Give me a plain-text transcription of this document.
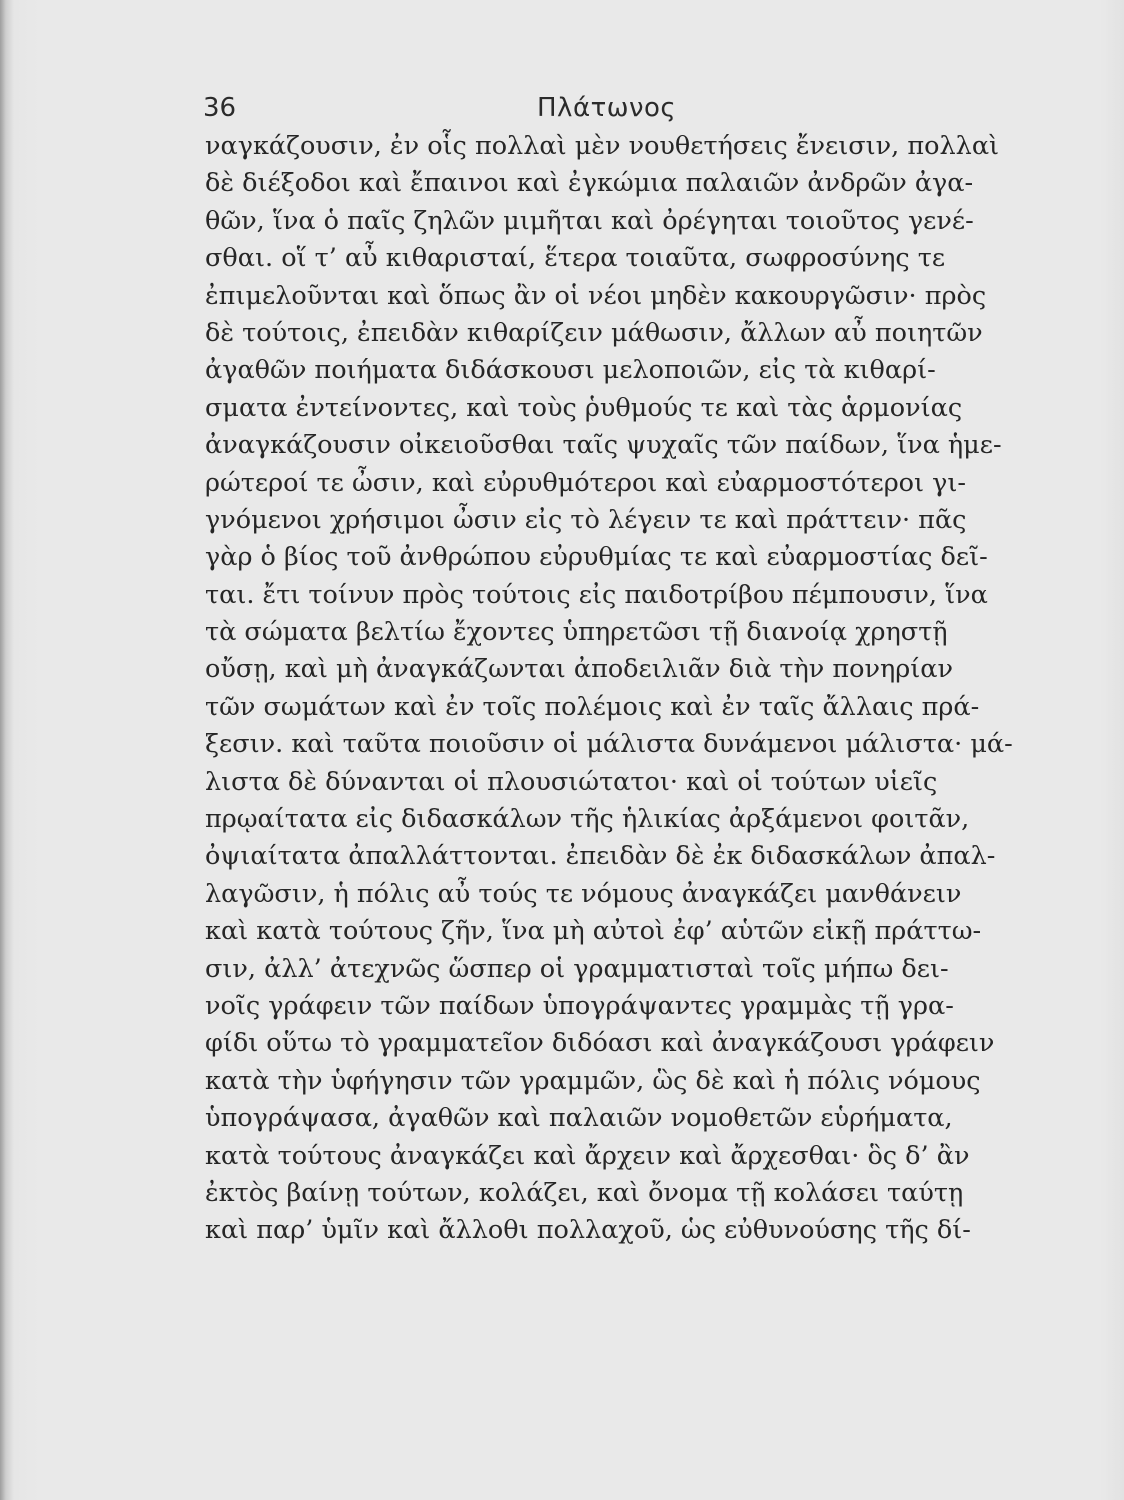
36	Πλάτωνος
ναγκάζουσιν, ἐν οἷς πολλαὶ μὲν νουθετήσεις ἔνεισιν, πολλαὶ
δὲ διέξοδοι καὶ ἔπαινοι καὶ ἐγκώμια παλαιῶν ἀνδρῶν ἀγα-
θῶν, ἵνα ὁ παῖς ζηλῶν μιμῆται καὶ ὀρέγηται τοιοῦτος γενέ-
σθαι. οἵ τ’ αὖ κιθαρισταί, ἕτερα τοιαῦτα, σωφροσύνης τε
ἐπιμελοῦνται καὶ ὅπως ἂν οἱ νέοι μηδὲν κακουργῶσιν· πρὸς
δὲ τούτοις, ἐπειδὰν κιθαρίζειν μάθωσιν, ἄλλων αὖ ποιητῶν
ἀγαθῶν ποιήματα διδάσκουσι μελοποιῶν, εἰς τὰ κιθαρί-
σματα ἐντείνοντες, καὶ τοὺς ῥυθμούς τε καὶ τὰς ἁρμονίας
ἀναγκάζουσιν οἰκειοῦσθαι ταῖς ψυχαῖς τῶν παίδων, ἵνα ἡμε-
ρώτεροί τε ὦσιν, καὶ εὐρυθμότεροι καὶ εὐαρμοστότεροι γι-
γνόμενοι χρήσιμοι ὦσιν εἰς τὸ λέγειν τε καὶ πράττειν· πᾶς
γὰρ ὁ βίος τοῦ ἀνθρώπου εὐρυθμίας τε καὶ εὐαρμοστίας δεῖ-
ται. ἔτι τοίνυν πρὸς τούτοις εἰς παιδοτρίβου πέμπουσιν, ἵνα
τὰ σώματα βελτίω ἔχοντες ὑπηρετῶσι τῇ διανοίᾳ χρηστῇ
οὔσῃ, καὶ μὴ ἀναγκάζωνται ἀποδειλιᾶν διὰ τὴν πονηρίαν
τῶν σωμάτων καὶ ἐν τοῖς πολέμοις καὶ ἐν ταῖς ἄλλαις πρά-
ξεσιν. καὶ ταῦτα ποιοῦσιν οἱ μάλιστα δυνάμενοι μάλιστα· μά-
λιστα δὲ δύνανται οἱ πλουσιώτατοι· καὶ οἱ τούτων υἱεῖς
πρῳαίτατα εἰς διδασκάλων τῆς ἡλικίας ἀρξάμενοι φοιτᾶν,
ὀψιαίτατα ἀπαλλάττονται. ἐπειδὰν δὲ ἐκ διδασκάλων ἀπαλ-
λαγῶσιν, ἡ πόλις αὖ τούς τε νόμους ἀναγκάζει μανθάνειν
καὶ κατὰ τούτους ζῆν, ἵνα μὴ αὐτοὶ ἐφ’ αὑτῶν εἰκῇ πράττω-
σιν, ἀλλ’ ἀτεχνῶς ὥσπερ οἱ γραμματισταὶ τοῖς μήπω δει-
νοῖς γράφειν τῶν παίδων ὑπογράψαντες γραμμὰς τῇ γρα-
φίδι οὕτω τὸ γραμματεῖον διδόασι καὶ ἀναγκάζουσι γράφειν
κατὰ τὴν ὑφήγησιν τῶν γραμμῶν, ὣς δὲ καὶ ἡ πόλις νόμους
ὑπογράψασα, ἀγαθῶν καὶ παλαιῶν νομοθετῶν εὑρήματα,
κατὰ τούτους ἀναγκάζει καὶ ἄρχειν καὶ ἄρχεσθαι· ὃς δ’ ἂν
ἐκτὸς βαίνῃ τούτων, κολάζει, καὶ ὄνομα τῇ κολάσει ταύτῃ
καὶ παρ’ ὑμῖν καὶ ἄλλοθι πολλαχοῦ, ὡς εὐθυνούσης τῆς δί-
